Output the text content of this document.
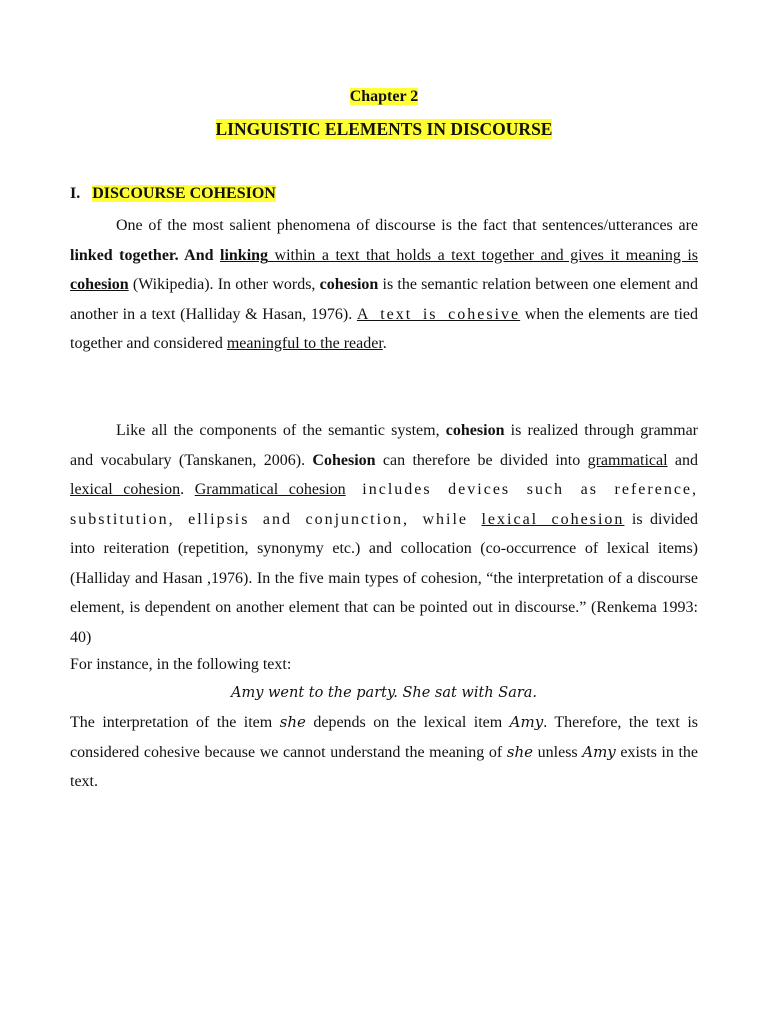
Chapter 2
LINGUISTIC ELEMENTS IN DISCOURSE
I. DISCOURSE COHESION
One of the most salient phenomena of discourse is the fact that sentences/utterances are linked together. And linking within a text that holds a text together and gives it meaning is cohesion (Wikipedia). In other words, cohesion is the semantic relation between one element and another in a text (Halliday & Hasan, 1976). A text is cohesive when the elements are tied together and considered meaningful to the reader.
Like all the components of the semantic system, cohesion is realized through grammar and vocabulary (Tanskanen, 2006). Cohesion can therefore be divided into grammatical and lexical cohesion. Grammatical cohesion includes devices such as reference, substitution, ellipsis and conjunction, while lexical cohesion is divided into reiteration (repetition, synonymy etc.) and collocation (co-occurrence of lexical items) (Halliday and Hasan ,1976). In the five main types of cohesion, “the interpretation of a discourse element, is dependent on another element that can be pointed out in discourse.” (Renkema 1993: 40)
For instance, in the following text:
Amy went to the party. She sat with Sara.
The interpretation of the item she depends on the lexical item Amy. Therefore, the text is considered cohesive because we cannot understand the meaning of she unless Amy exists in the text.
